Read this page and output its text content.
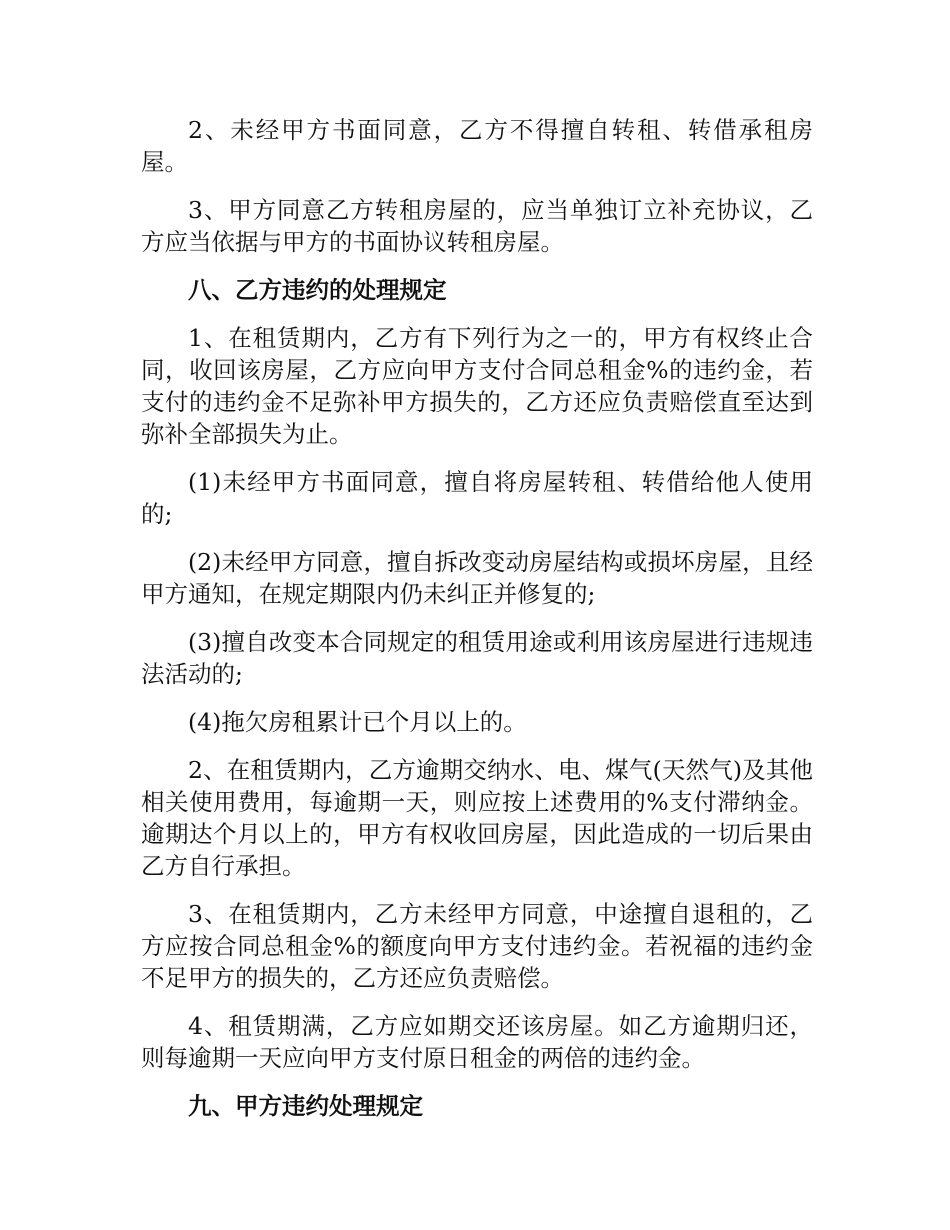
2、未经甲方书面同意，乙方不得擅自转租、转借承租房屋。

3、甲方同意乙方转租房屋的，应当单独订立补充协议，乙方应当依据与甲方的书面协议转租房屋。

八、乙方违约的处理规定

1、在租赁期内，乙方有下列行为之一的，甲方有权终止合同，收回该房屋，乙方应向甲方支付合同总租金%的违约金，若支付的违约金不足弥补甲方损失的，乙方还应负责赔偿直至达到弥补全部损失为止。

(1)未经甲方书面同意，擅自将房屋转租、转借给他人使用的;

(2)未经甲方同意，擅自拆改变动房屋结构或损坏房屋，且经甲方通知，在规定期限内仍未纠正并修复的;

(3)擅自改变本合同规定的租赁用途或利用该房屋进行违规违法活动的;

(4)拖欠房租累计已个月以上的。

2、在租赁期内，乙方逾期交纳水、电、煤气(天然气)及其他相关使用费用，每逾期一天，则应按上述费用的%支付滞纳金。逾期达个月以上的，甲方有权收回房屋，因此造成的一切后果由乙方自行承担。

3、在租赁期内，乙方未经甲方同意，中途擅自退租的，乙方应按合同总租金%的额度向甲方支付违约金。若祝福的违约金不足甲方的损失的，乙方还应负责赔偿。

4、租赁期满，乙方应如期交还该房屋。如乙方逾期归还，则每逾期一天应向甲方支付原日租金的两倍的违约金。

九、甲方违约处理规定
